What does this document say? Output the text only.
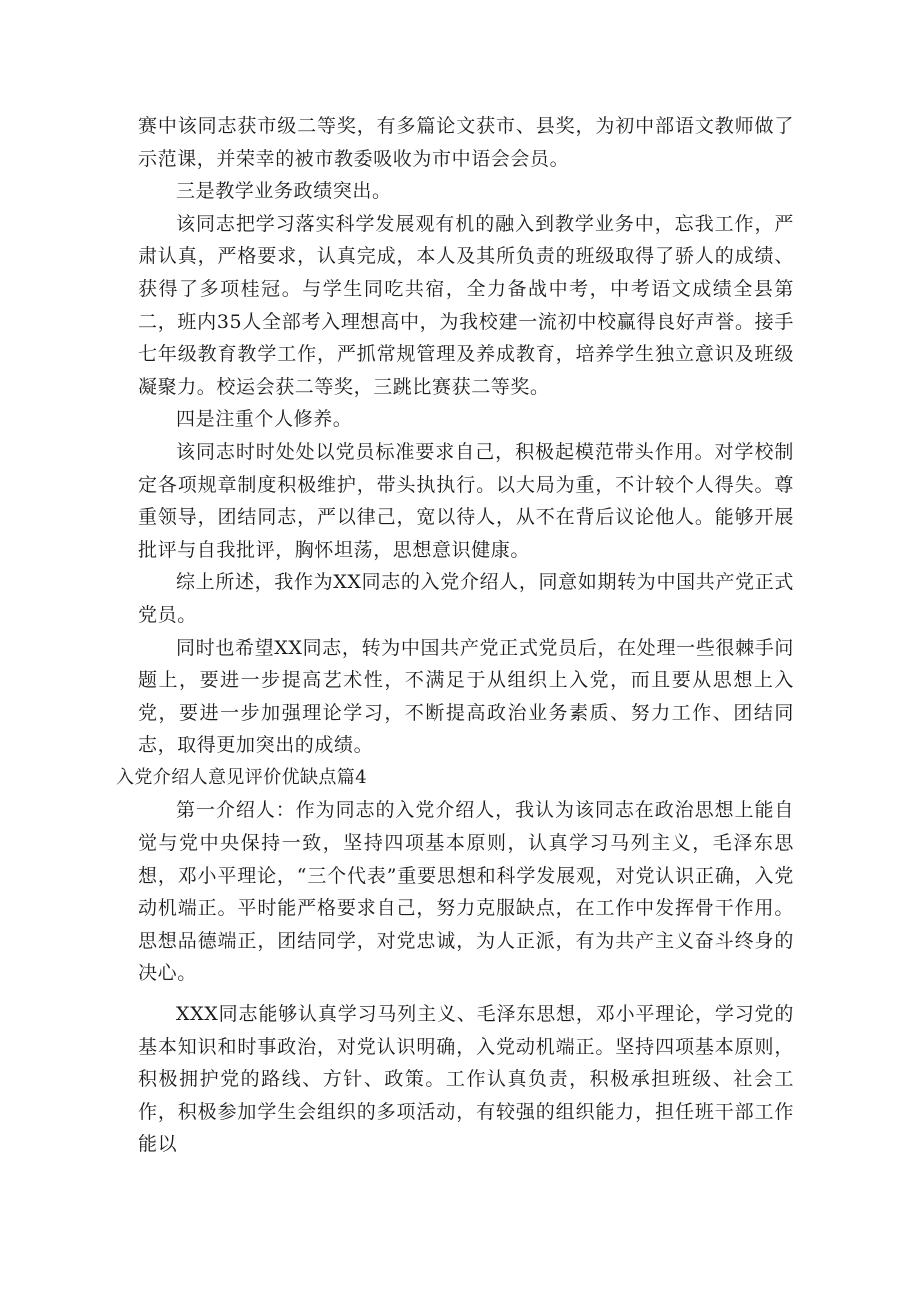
赛中该同志获市级二等奖，有多篇论文获市、县奖，为初中部语文教师做了示范课，并荣幸的被市教委吸收为市中语会会员。

三是教学业务政绩突出。

该同志把学习落实科学发展观有机的融入到教学业务中，忘我工作，严肃认真，严格要求，认真完成，本人及其所负责的班级取得了骄人的成绩、获得了多项桂冠。与学生同吃共宿，全力备战中考，中考语文成绩全县第二，班内35人全部考入理想高中，为我校建一流初中校赢得良好声誉。接手七年级教育教学工作，严抓常规管理及养成教育，培养学生独立意识及班级凝聚力。校运会获二等奖，三跳比赛获二等奖。

四是注重个人修养。

该同志时时处处以党员标准要求自己，积极起模范带头作用。对学校制定各项规章制度积极维护，带头执执行。以大局为重，不计较个人得失。尊重领导，团结同志，严以律己，宽以待人，从不在背后议论他人。能够开展批评与自我批评，胸怀坦荡，思想意识健康。

综上所述，我作为XX同志的入党介绍人，同意如期转为中国共产党正式党员。

同时也希望XX同志，转为中国共产党正式党员后，在处理一些很棘手问题上，要进一步提高艺术性，不满足于从组织上入党，而且要从思想上入党，要进一步加强理论学习，不断提高政治业务素质、努力工作、团结同志，取得更加突出的成绩。

入党介绍人意见评价优缺点篇4

第一介绍人：作为同志的入党介绍人，我认为该同志在政治思想上能自觉与党中央保持一致，坚持四项基本原则，认真学习马列主义，毛泽东思想，邓小平理论，“三个代表”重要思想和科学发展观，对党认识正确，入党动机端正。平时能严格要求自己，努力克服缺点，在工作中发挥骨干作用。思想品德端正，团结同学，对党忠诚，为人正派，有为共产主义奋斗终身的决心。

XXX同志能够认真学习马列主义、毛泽东思想，邓小平理论，学习党的基本知识和时事政治，对党认识明确，入党动机端正。坚持四项基本原则，积极拥护党的路线、方针、政策。工作认真负责，积极承担班级、社会工作，积极参加学生会组织的多项活动，有较强的组织能力，担任班干部工作能以
